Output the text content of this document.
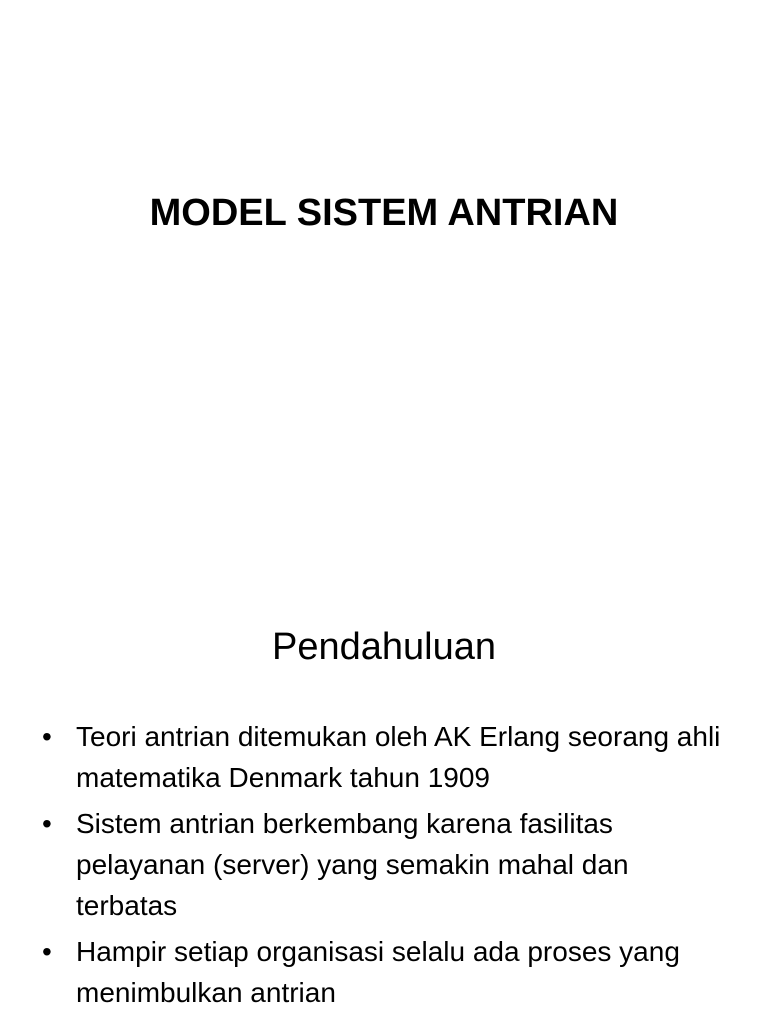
MODEL SISTEM ANTRIAN
Pendahuluan
• Teori antrian ditemukan oleh AK Erlang seorang ahli matematika Denmark tahun 1909
• Sistem antrian berkembang karena fasilitas pelayanan (server) yang semakin mahal dan terbatas
• Hampir setiap organisasi selalu ada proses yang menimbulkan antrian
